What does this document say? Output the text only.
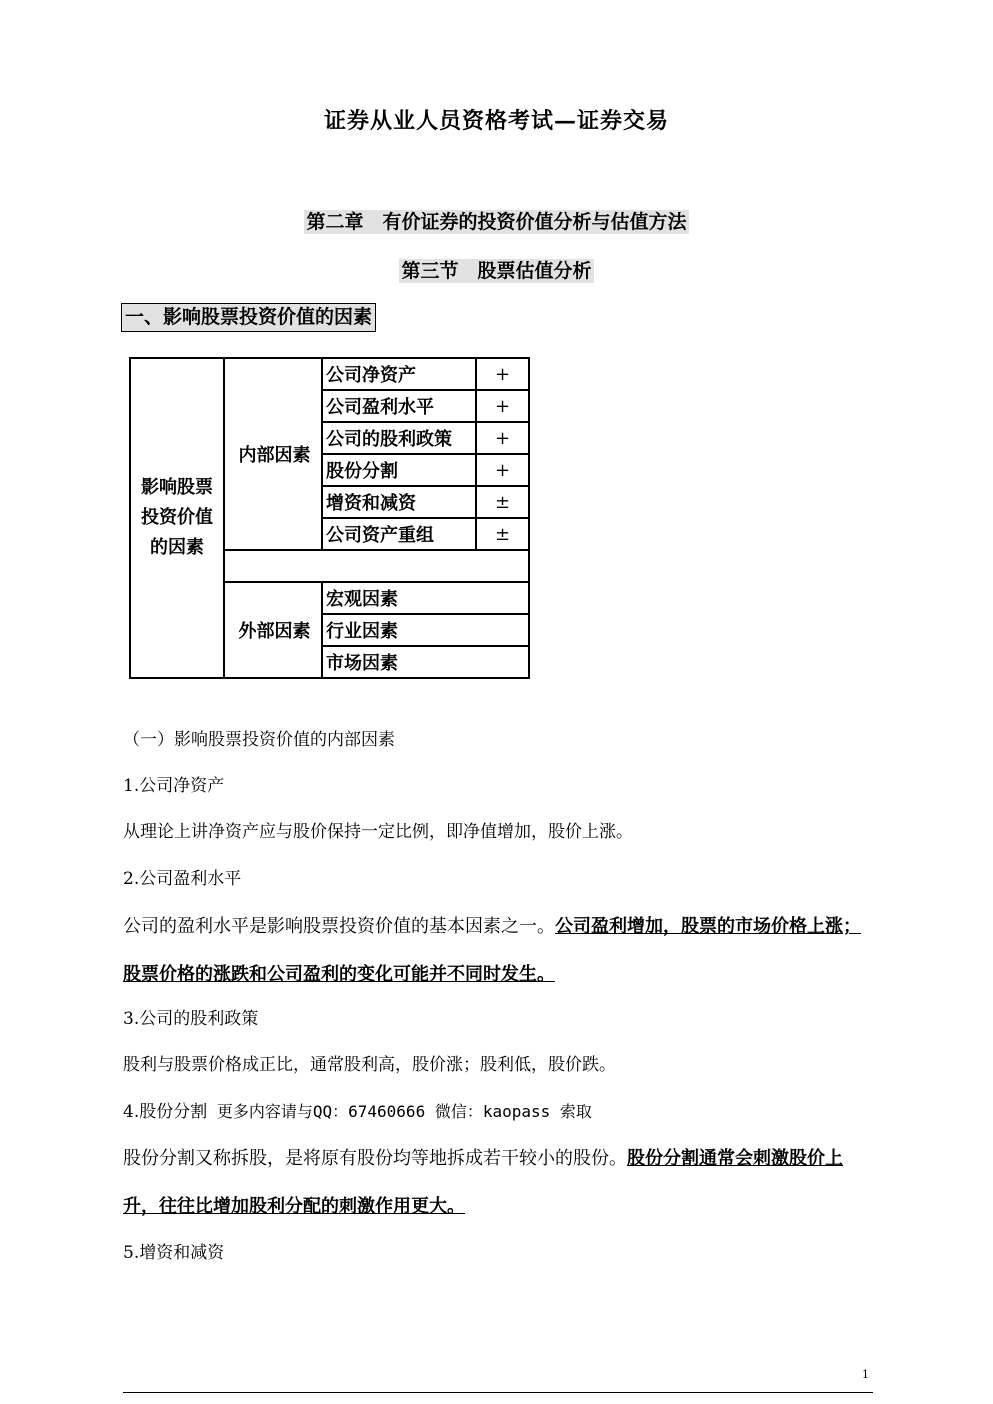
证券从业人员资格考试—证券交易
第二章　有价证券的投资价值分析与估值方法
第三节　股票估值分析
一、影响股票投资价值的因素
影响股票投资价值的因素	内部因素	公司净资产	+
		公司盈利水平	+
		公司的股利政策	+
		股份分割	+
		增资和减资	±
		公司资产重组	±

	外部因素	宏观因素	
		行业因素	
		市场因素	
（一）影响股票投资价值的内部因素
1.公司净资产
从理论上讲净资产应与股价保持一定比例，即净值增加，股价上涨。
2.公司盈利水平
公司的盈利水平是影响股票投资价值的基本因素之一。公司盈利增加，股票的市场价格上涨；股票价格的涨跌和公司盈利的变化可能并不同时发生。
3.公司的股利政策
股利与股票价格成正比，通常股利高，股价涨；股利低，股价跌。
4.股份分割 更多内容请与QQ：67460666 微信：kaopass 索取
股份分割又称拆股，是将原有股份均等地拆成若干较小的股份。股份分割通常会刺激股价上升，往往比增加股利分配的刺激作用更大。
5.增资和减资
1
